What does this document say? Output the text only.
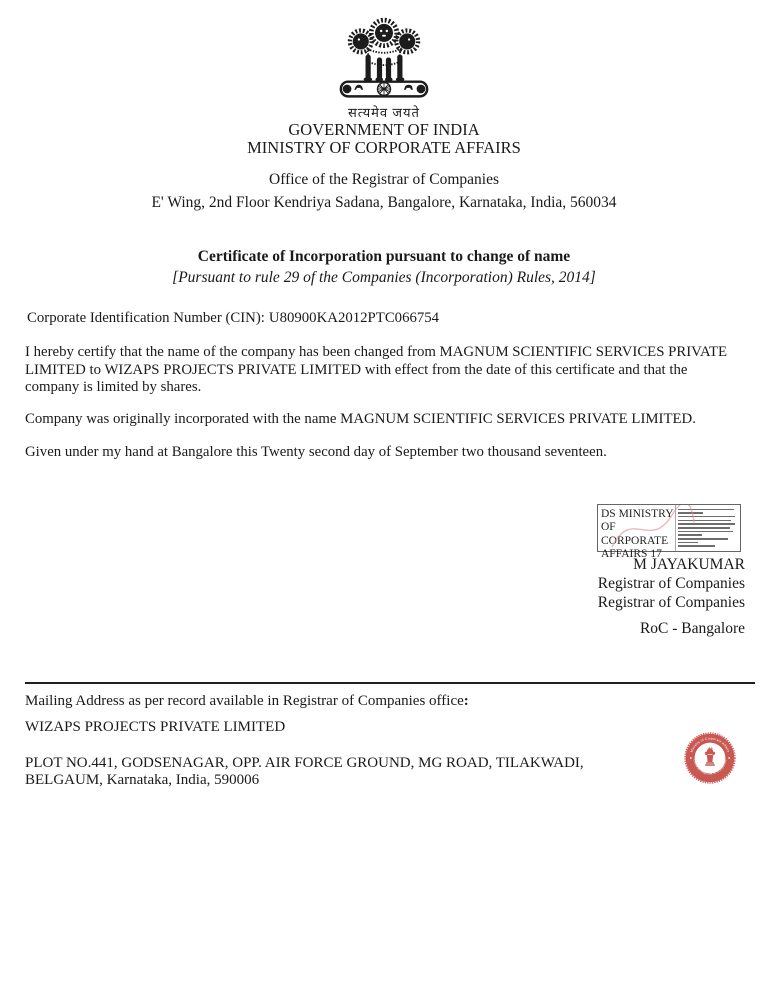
सत्यमेव जयते
GOVERNMENT OF INDIA
MINISTRY OF CORPORATE AFFAIRS
Office of the Registrar of Companies
E' Wing, 2nd Floor Kendriya Sadana, Bangalore, Karnataka, India, 560034
Certificate of Incorporation pursuant to change of name
[Pursuant to rule 29 of the Companies (Incorporation) Rules, 2014]
Corporate Identification Number (CIN): U80900KA2012PTC066754
I hereby certify that the name of the company has been changed from MAGNUM SCIENTIFIC SERVICES PRIVATE LIMITED to WIZAPS PROJECTS PRIVATE LIMITED with effect from the date of this certificate and that the company is limited by shares.
Company was originally incorporated with the name MAGNUM SCIENTIFIC SERVICES PRIVATE LIMITED.
Given under my hand at Bangalore this Twenty second day of September two thousand seventeen.
DS MINISTRY OF CORPORATE AFFAIRS 17
M JAYAKUMAR
Registrar of Companies
Registrar of Companies
RoC - Bangalore
Mailing Address as per record available in Registrar of Companies office:
WIZAPS PROJECTS PRIVATE LIMITED
PLOT NO.441, GODSENAGAR, OPP. AIR FORCE GROUND, MG ROAD, TILAKWADI,
BELGAUM, Karnataka, India, 590006
Ministry of Corporate Affairs
Office of Registrar of Companies
